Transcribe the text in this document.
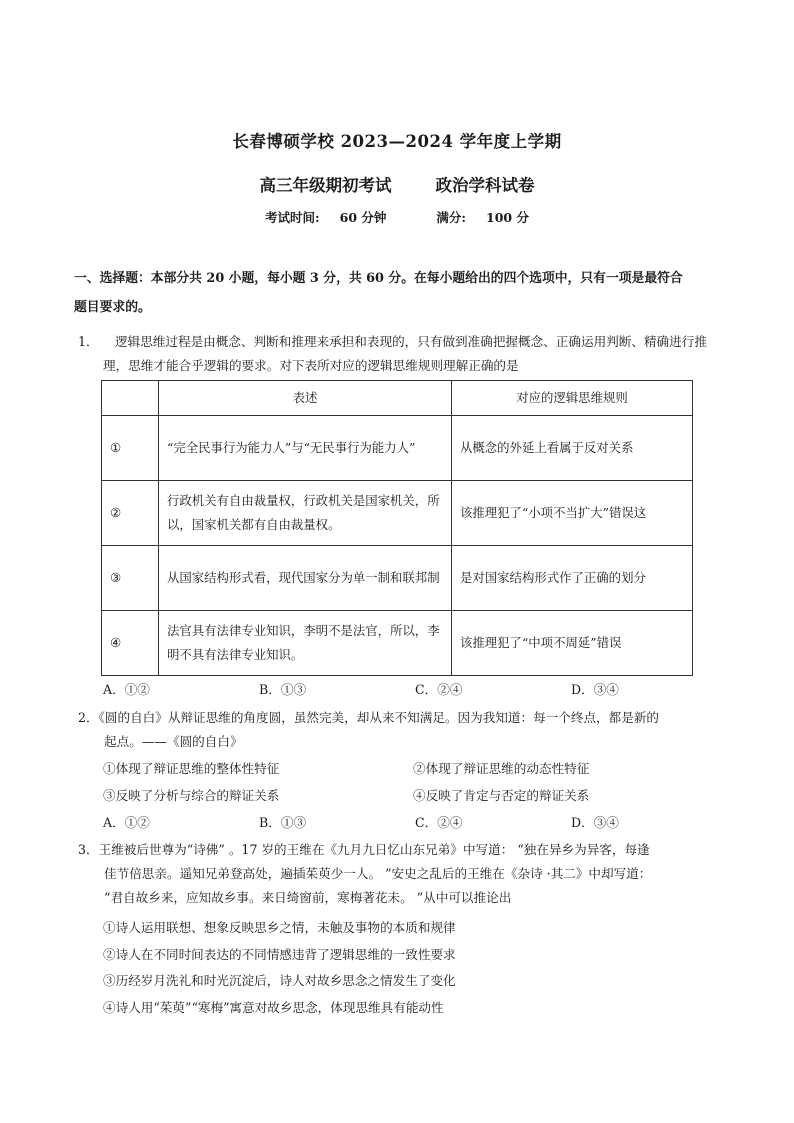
长春博硕学校 2023—2024 学年度上学期
高三年级期初考试	政治学科试卷
考试时间: 60 分钟	满分: 100 分
一、选择题：本部分共 20 小题，每小题 3 分，共 60 分。在每小题给出的四个选项中，只有一项是最符合
题目要求的。
1．	逻辑思维过程是由概念、判断和推理来承担和表现的，只有做到准确把握概念、正确运用判断、精确进行推理，思维才能合乎逻辑的要求。对下表所对应的逻辑思维规则理解正确的是
	表述	对应的逻辑思维规则
①	“完全民事行为能力人”与“无民事行为能力人”	从概念的外延上看属于反对关系
②	行政机关有自由裁量权，行政机关是国家机关，所以，国家机关都有自由裁量权。	该推理犯了“小项不当扩大”错误这
③	从国家结构形式看，现代国家分为单一制和联邦制	是对国家结构形式作了正确的划分
④	法官具有法律专业知识，李明不是法官，所以，李明不具有法律专业知识。	该推理犯了“中项不周延”错误
A．①②	B．①③	C．②④	D．③④
2．《圆的自白》从辩证思维的角度圆，虽然完美，却从来不知满足。因为我知道：每一个终点，都是新的
起点。——《圆的自白》
①体现了辩证思维的整体性特征	②体现了辩证思维的动态性特征
③反映了分析与综合的辩证关系	④反映了肯定与否定的辩证关系
A．①②	B．①③	C．②④	D．③④
3．王维被后世尊为“诗佛” 。17 岁的王维在《九月九日忆山东兄弟》中写道： “独在异乡为异客，每逢
佳节倍思亲。遥知兄弟登高处，遍插茱萸少一人。 ”安史之乱后的王维在《杂诗 ·其二》中却写道：
“君自故乡来，应知故乡事。来日绮窗前，寒梅著花未。 ”从中可以推论出
①诗人运用联想、想象反映思乡之情，未触及事物的本质和规律
②诗人在不同时间表达的不同情感违背了逻辑思维的一致性要求
③历经岁月洗礼和时光沉淀后，诗人对故乡思念之情发生了变化
④诗人用“茱萸”“寒梅”寓意对故乡思念，体现思维具有能动性
